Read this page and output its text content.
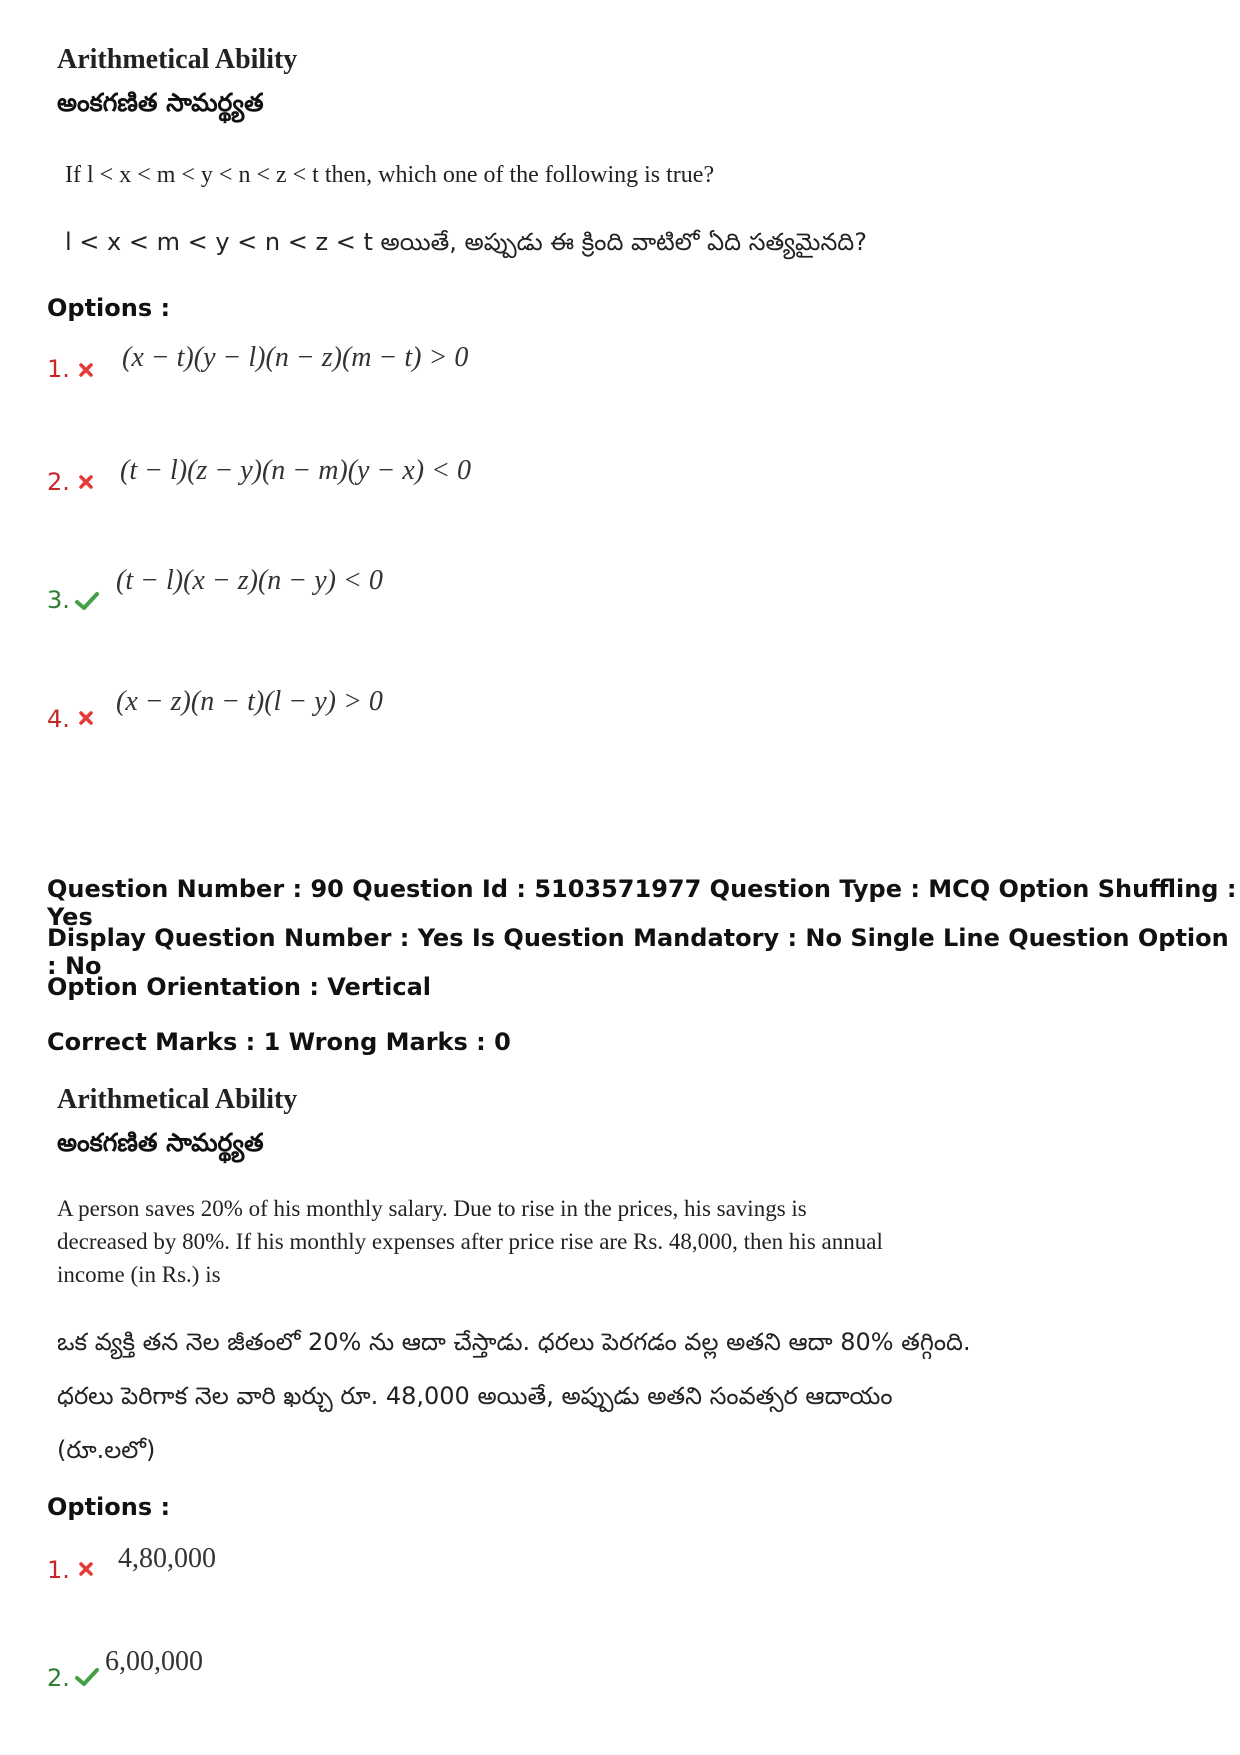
Arithmetical Ability
అంకగణిత సామర్థ్యత
If l < x < m < y < n < z < t then, which one of the following is true?
l < x < m < y < n < z < t అయితే, అప్పుడు ఈ క్రింది వాటిలో ఏది సత్యమైనది?
Options :
1. (x − t)(y − l)(n − z)(m − t) > 0
2. (t − l)(z − y)(n − m)(y − x) < 0
3.
(t − l)(x − z)(n − y) < 0
4.
(x − z)(n − t)(l − y) > 0
Question Number : 90 Question Id : 5103571977 Question Type : MCQ Option Shuffling : Yes
Display Question Number : Yes Is Question Mandatory : No Single Line Question Option : No
Option Orientation : Vertical
Correct Marks : 1 Wrong Marks : 0
Arithmetical Ability
అంకగణిత సామర్థ్యత
A person saves 20% of his monthly salary. Due to rise in the prices, his savings is
decreased by 80%. If his monthly expenses after price rise are Rs. 48,000, then his annual
income (in Rs.) is
ఒక వ్యక్తి తన నెల జీతంలో 20% ను ఆదా చేస్తాడు. ధరలు పెరగడం వల్ల అతని ఆదా 80% తగ్గింది.
ధరలు పెరిగాక నెల వారి ఖర్చు రూ. 48,000 అయితే, అప్పుడు అతని సంవత్సర ఆదాయం
(రూ.లలో)
Options :
1. 4,80,000
2.
6,00,000
